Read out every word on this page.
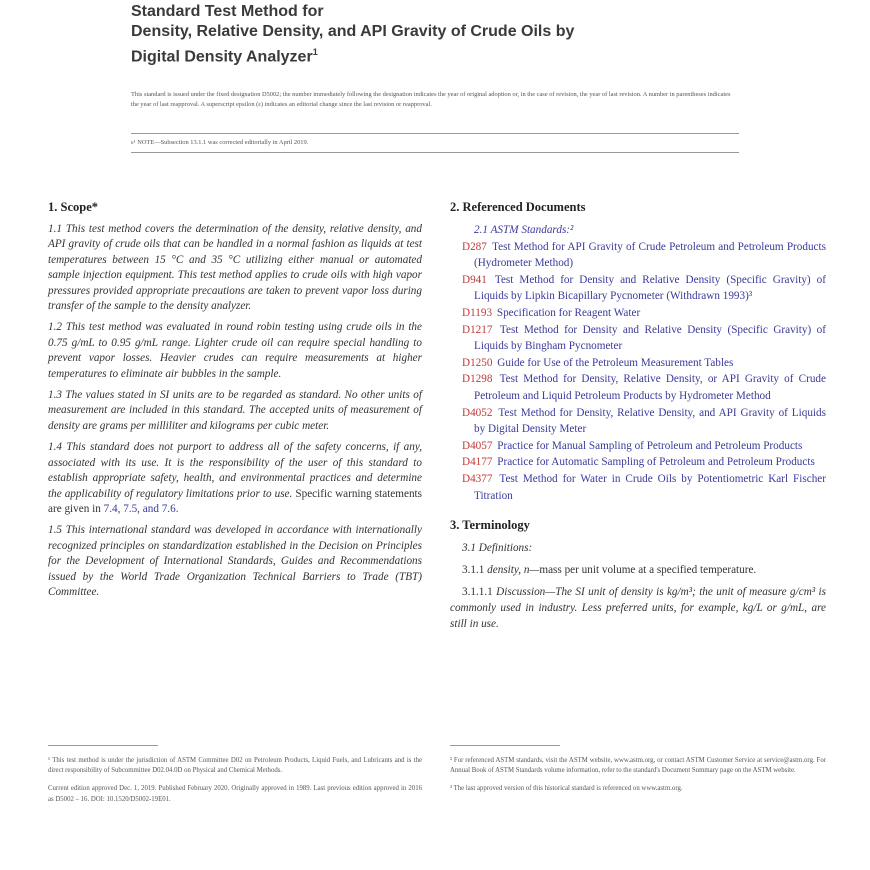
Standard Test Method for
Density, Relative Density, and API Gravity of Crude Oils by
Digital Density Analyzer$^1$
This standard is issued under the fixed designation D5002; the number immediately following the designation indicates the year of original adoption or, in the case of revision, the year of last revision. A number in parentheses indicates the year of last reapproval. A superscript epsilon (ε) indicates an editorial change since the last revision or reapproval.
ε¹ NOTE—Subsection 13.1.1 was corrected editorially in April 2019.
1. Scope*

1.1 This test method covers the determination of the density, relative density, and API gravity of crude oils that can be handled in a normal fashion as liquids at test temperatures between 15 °C and 35 °C utilizing either manual or automated sample injection equipment. This test method applies to crude oils with high vapor pressures provided appropriate precautions are taken to prevent vapor loss during transfer of the sample to the density analyzer.

1.2 This test method was evaluated in round robin testing using crude oils in the 0.75 g/mL to 0.95 g/mL range. Lighter crude oil can require special handling to prevent vapor losses. Heavier crudes can require measurements at higher temperatures to eliminate air bubbles in the sample.

1.3 The values stated in SI units are to be regarded as standard. No other units of measurement are included in this standard. The accepted units of measurement of density are grams per milliliter and kilograms per cubic meter.

1.4 This standard does not purport to address all of the safety concerns, if any, associated with its use. It is the responsibility of the user of this standard to establish appropriate safety, health, and environmental practices and determine the applicability of regulatory limitations prior to use. Specific warning statements are given in 7.4, 7.5, and 7.6.

1.5 This international standard was developed in accordance with internationally recognized principles on standardization established in the Decision on Principles for the Development of International Standards, Guides and Recommendations issued by the World Trade Organization Technical Barriers to Trade (TBT) Committee.

2. Referenced Documents
2.1 ASTM Standards:²
D287 Test Method for API Gravity of Crude Petroleum and Petroleum Products (Hydrometer Method)
D941 Test Method for Density and Relative Density (Specific Gravity) of Liquids by Lipkin Bicapillary Pycnometer (Withdrawn 1993)³
D1193 Specification for Reagent Water
D1217 Test Method for Density and Relative Density (Specific Gravity) of Liquids by Bingham Pycnometer
D1250 Guide for Use of the Petroleum Measurement Tables
D1298 Test Method for Density, Relative Density, or API Gravity of Crude Petroleum and Liquid Petroleum Products by Hydrometer Method
D4052 Test Method for Density, Relative Density, and API Gravity of Liquids by Digital Density Meter
D4057 Practice for Manual Sampling of Petroleum and Petroleum Products
D4177 Practice for Automatic Sampling of Petroleum and Petroleum Products
D4377 Test Method for Water in Crude Oils by Potentiometric Karl Fischer Titration
3. Terminology

3.1 Definitions:

3.1.1 density, n—mass per unit volume at a specified temperature.

3.1.1.1 Discussion—The SI unit of density is kg/m³; the unit of measure g/cm³ is commonly used in industry. Less preferred units, for example, kg/L or g/mL, are still in use.

¹ This test method is under the jurisdiction of ASTM Committee D02 on Petroleum Products, Liquid Fuels, and Lubricants and is the direct responsibility of Subcommittee D02.04.0D on Physical and Chemical Methods.

Current edition approved Dec. 1, 2019. Published February 2020. Originally approved in 1989. Last previous edition approved in 2016 as D5002 – 16. DOI: 10.1520/D5002-19E01.

² For referenced ASTM standards, visit the ASTM website, www.astm.org, or contact ASTM Customer Service at service@astm.org. For Annual Book of ASTM Standards volume information, refer to the standard's Document Summary page on the ASTM website.

³ The last approved version of this historical standard is referenced on www.astm.org.
